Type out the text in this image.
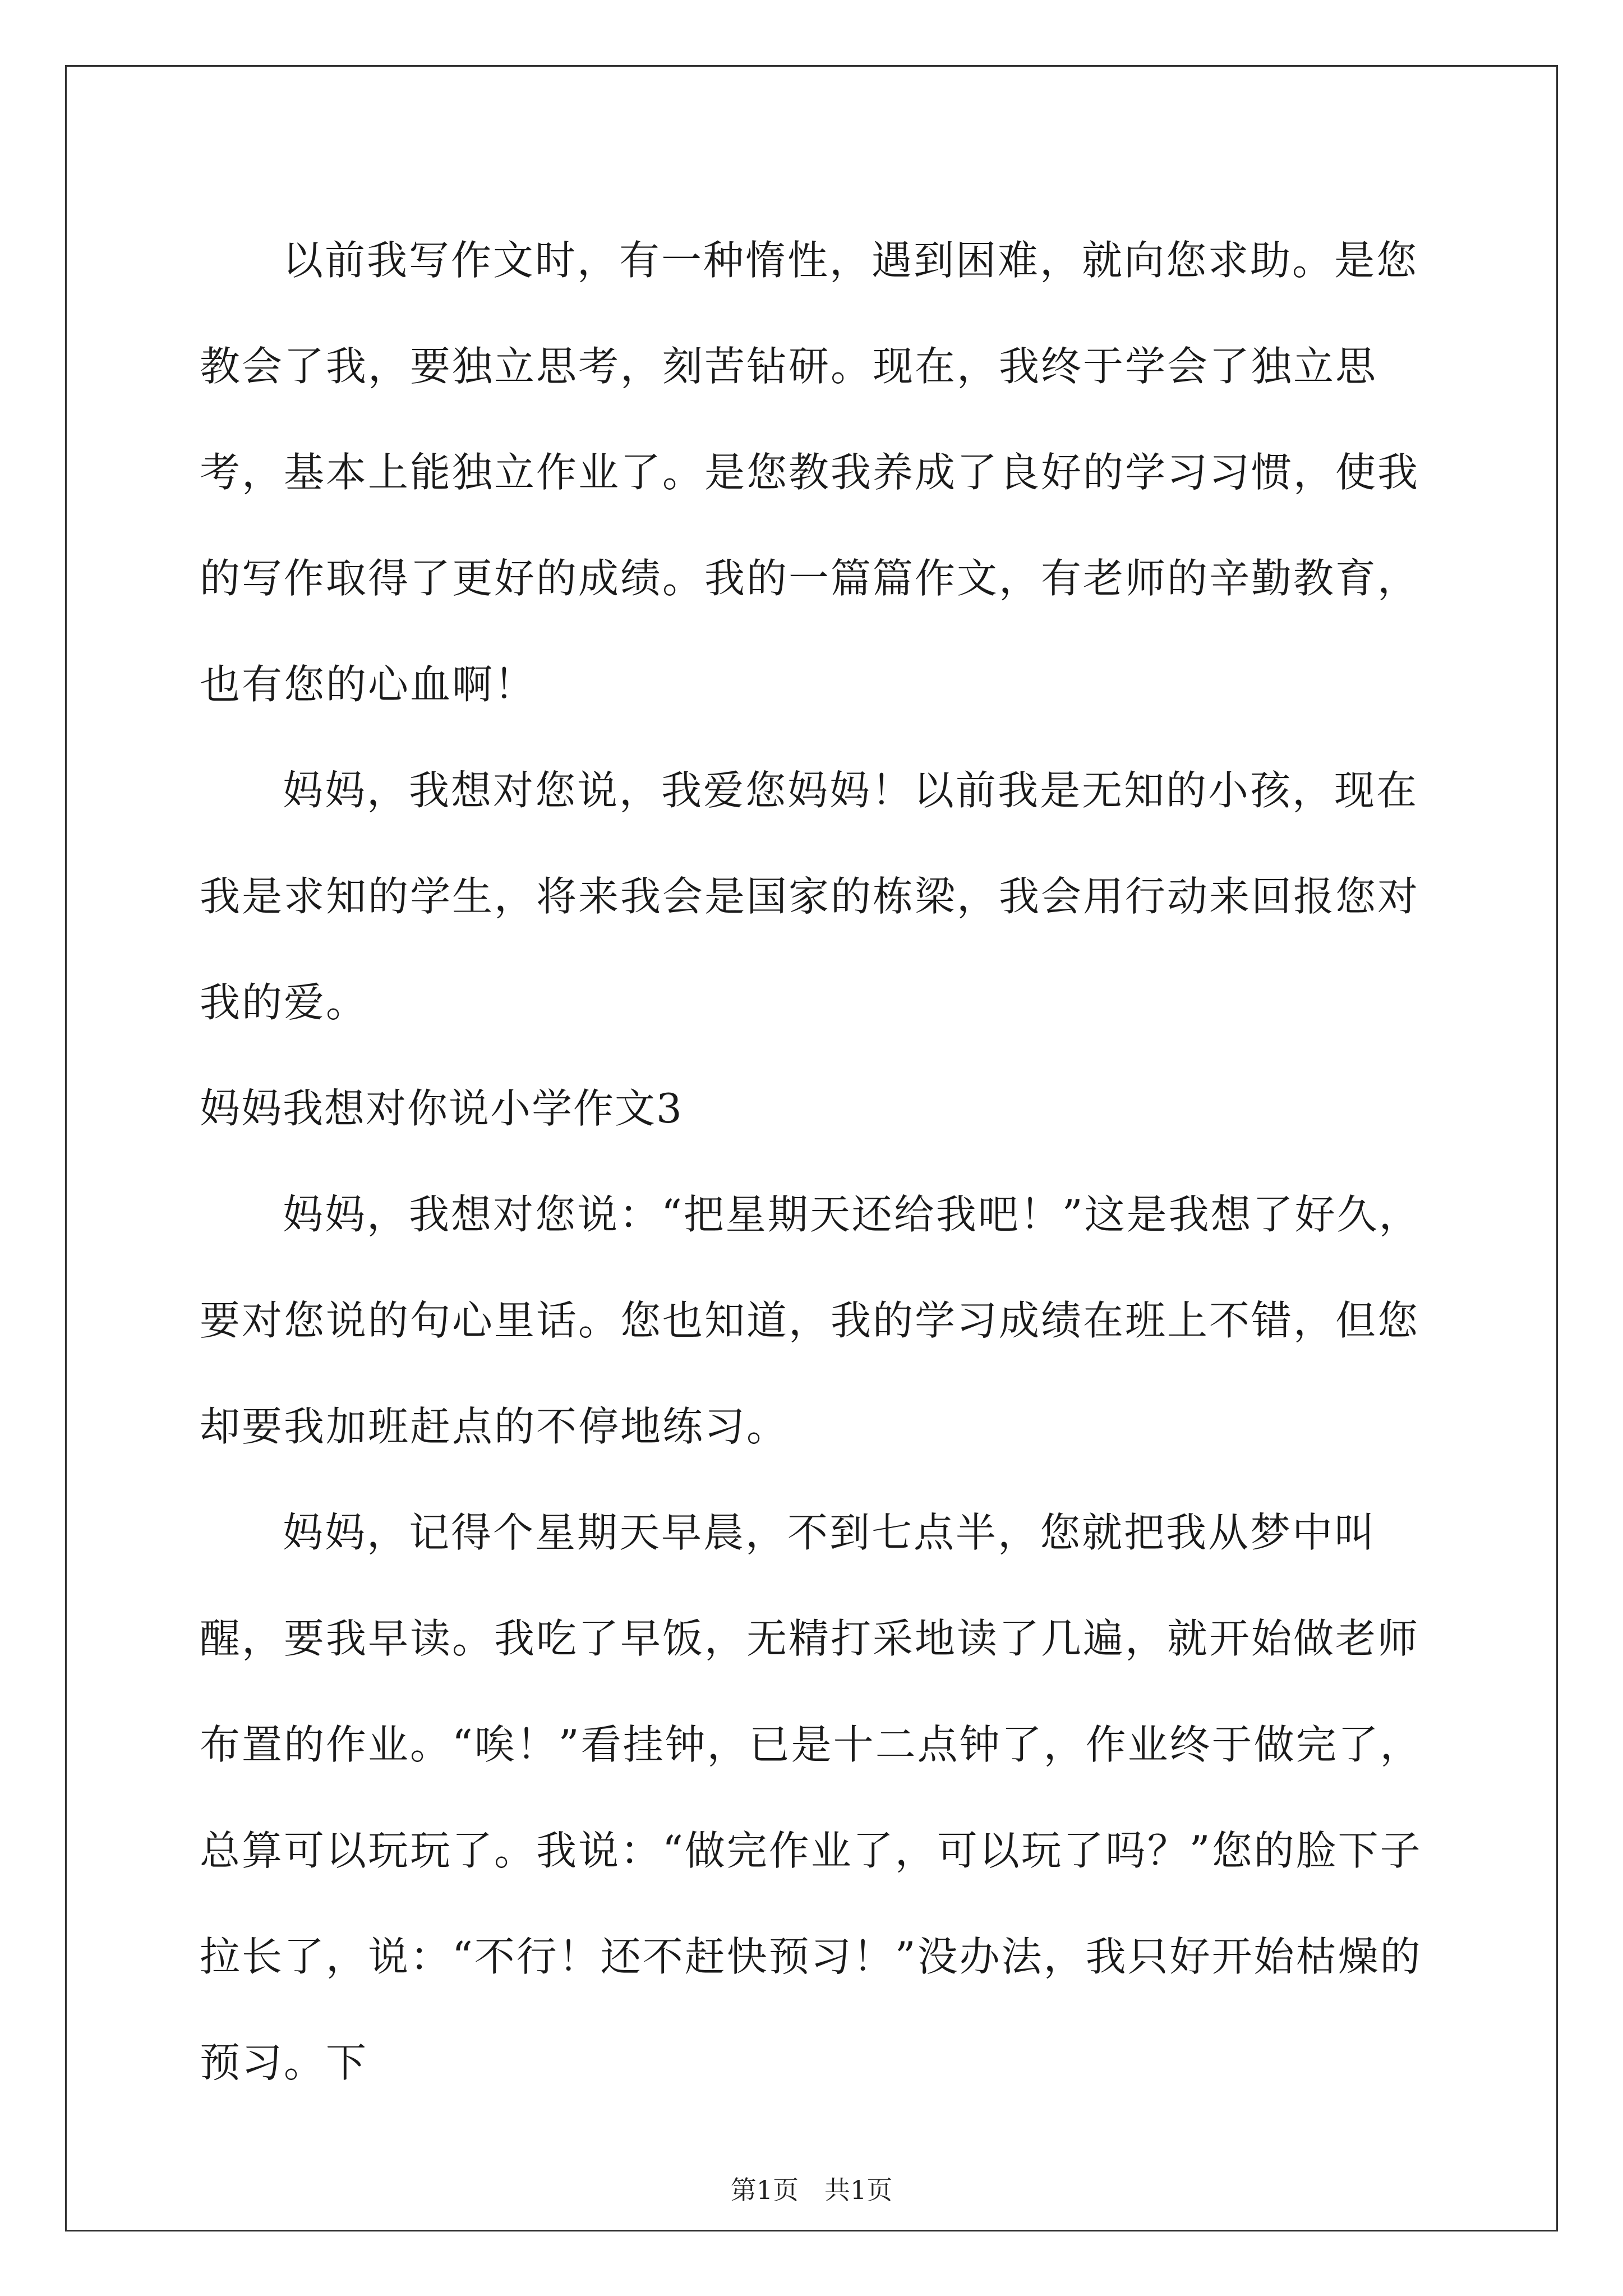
以前我写作文时，有一种惰性，遇到困难，就向您求助。是您教会了我，要独立思考，刻苦钻研。现在，我终于学会了独立思考，基本上能独立作业了。是您教我养成了良好的学习习惯，使我的写作取得了更好的成绩。我的一篇篇作文，有老师的辛勤教育，也有您的心血啊！

妈妈，我想对您说，我爱您妈妈！以前我是无知的小孩，现在我是求知的学生，将来我会是国家的栋梁，我会用行动来回报您对我的爱。

妈妈我想对你说小学作文3

妈妈，我想对您说：“把星期天还给我吧！”这是我想了好久，要对您说的句心里话。您也知道，我的学习成绩在班上不错，但您却要我加班赶点的不停地练习。

妈妈，记得个星期天早晨，不到七点半，您就把我从梦中叫醒，要我早读。我吃了早饭，无精打采地读了几遍，就开始做老师布置的作业。“唉！”看挂钟，已是十二点钟了，作业终于做完了，总算可以玩玩了。我说：“做完作业了，可以玩了吗？”您的脸下子拉长了，说：“不行！还不赶快预习！”没办法，我只好开始枯燥的预习。下

第1页　共1页
